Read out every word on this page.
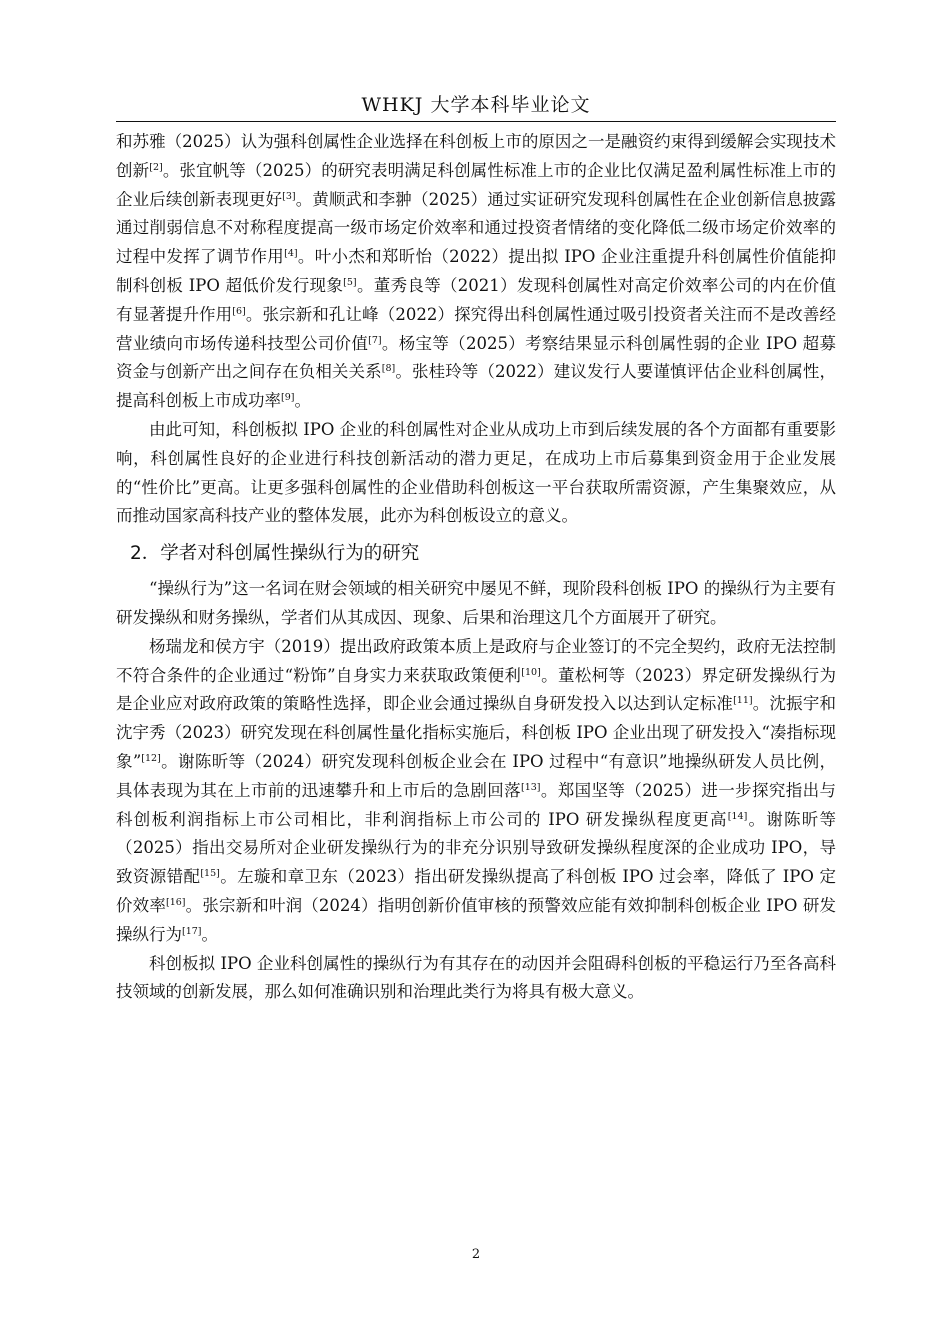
WHKJ 大学本科毕业论文

和苏雅（2025）认为强科创属性企业选择在科创板上市的原因之一是融资约束得到缓解会实现技术创新[2]。张宜帆等（2025）的研究表明满足科创属性标准上市的企业比仅满足盈利属性标准上市的企业后续创新表现更好[3]。黄顺武和李翀（2025）通过实证研究发现科创属性在企业创新信息披露通过削弱信息不对称程度提高一级市场定价效率和通过投资者情绪的变化降低二级市场定价效率的过程中发挥了调节作用[4]。叶小杰和郑昕怡（2022）提出拟 IPO 企业注重提升科创属性价值能抑制科创板 IPO 超低价发行现象[5]。董秀良等（2021）发现科创属性对高定价效率公司的内在价值有显著提升作用[6]。张宗新和孔让峰（2022）探究得出科创属性通过吸引投资者关注而不是改善经营业绩向市场传递科技型公司价值[7]。杨宝等（2025）考察结果显示科创属性弱的企业 IPO 超募资金与创新产出之间存在负相关关系[8]。张桂玲等（2022）建议发行人要谨慎评估企业科创属性，提高科创板上市成功率[9]。

由此可知，科创板拟 IPO 企业的科创属性对企业从成功上市到后续发展的各个方面都有重要影响，科创属性良好的企业进行科技创新活动的潜力更足，在成功上市后募集到资金用于企业发展的“性价比”更高。让更多强科创属性的企业借助科创板这一平台获取所需资源，产生集聚效应，从而推动国家高科技产业的整体发展，此亦为科创板设立的意义。

2．学者对科创属性操纵行为的研究

“操纵行为”这一名词在财会领域的相关研究中屡见不鲜，现阶段科创板 IPO 的操纵行为主要有研发操纵和财务操纵，学者们从其成因、现象、后果和治理这几个方面展开了研究。

杨瑞龙和侯方宇（2019）提出政府政策本质上是政府与企业签订的不完全契约，政府无法控制不符合条件的企业通过“粉饰”自身实力来获取政策便利[10]。董松柯等（2023）界定研发操纵行为是企业应对政府政策的策略性选择，即企业会通过操纵自身研发投入以达到认定标准[11]。沈振宇和沈宇秀（2023）研究发现在科创属性量化指标实施后，科创板 IPO 企业出现了研发投入“凑指标现象”[12]。谢陈昕等（2024）研究发现科创板企业会在 IPO 过程中“有意识”地操纵研发人员比例，具体表现为其在上市前的迅速攀升和上市后的急剧回落[13]。郑国坚等（2025）进一步探究指出与科创板利润指标上市公司相比，非利润指标上市公司的 IPO 研发操纵程度更高[14]。谢陈昕等（2025）指出交易所对企业研发操纵行为的非充分识别导致研发操纵程度深的企业成功 IPO，导致资源错配[15]。左璇和章卫东（2023）指出研发操纵提高了科创板 IPO 过会率，降低了 IPO 定价效率[16]。张宗新和叶润（2024）指明创新价值审核的预警效应能有效抑制科创板企业 IPO 研发操纵行为[17]。

科创板拟 IPO 企业科创属性的操纵行为有其存在的动因并会阻碍科创板的平稳运行乃至各高科技领域的创新发展，那么如何准确识别和治理此类行为将具有极大意义。

2
